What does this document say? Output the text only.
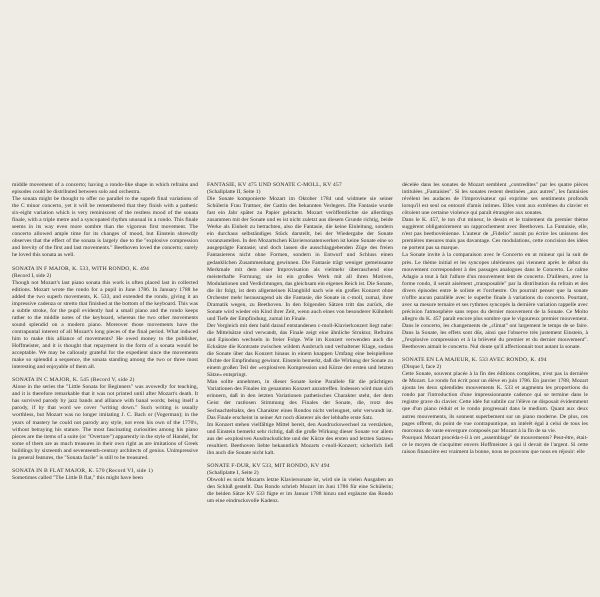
middle movement of a concerto; having a rondo-like shape in which refrains and episodes could be distributed between solo and orchestra.

The sonata might be thought to offer no parallel to the superb final variations of the C minor concerto, yet it will be remembered that they finish with a pathetic six-eight variation which is very reminiscent of the restless mood of the sonata finale, with a triple metre and a syncopated rhythm unusual in a rondo. This finale seems in its way even more sombre than the vigorous first movement. The concerto allowed ample time for its changes of mood, but Einstein shrewdly observes that the effect of the sonata is largely due to the "explosive compression and brevity of the first and last movements." Beethoven loved the concerto; surely he loved this sonata as well.

SONATA IN F MAJOR, K. 533, WITH RONDO, K. 494

(Record I, side 2)

Though not Mozart's last piano sonata this work is often placed last in collected editions. Mozart wrote the rondo for a pupil in June 1786. In January 1788 he added the two superb movements, K. 533, and extended the rondo, giving it an impressive cadenza or stretto that finished at the bottom of the keyboard. This was a subtle stroke, for the pupil evidently had a small piano and the rondo keeps rather to the middle notes of the keyboard, whereas the two other movements sound splendid on a modern piano. Moreover those movements have the contrapuntal interest of all Mozart's long pieces of the final period. What induced him to make this alliance of movements? He owed money to the publisher, Hoffmeister, and it is thought that repayment in the form of a sonata would be acceptable. We may be callously grateful for the expedient since the movements make so splendid a sequence, the sonata standing among the two or three most interesting and enjoyable of them all.

SONATA IN C MAJOR, K. 545 (Record V, side 2)

Alone in the series the "Little Sonata for Beginners" was avowedly for teaching, and it is therefore remarkable that it was not printed until after Mozart's death. It has survived parody by jazz bands and alliance with banal words; being itself a parody, if by that word we cover "writing down." Such writing is usually worthless, but Mozart was no longer imitating J. C. Bach or (Vogerman); in the years of mastery he could not parody any style, not even his own of the 1770's, without betraying his stature. The most fascinating curiosities among his piano pieces are the items of a suite (or "Overture") apparently in the style of Handel, for some of them are as much treasures in their own right as are imitations of Greek buildings by sixteenth and seventeenth-century architects of genius. Unimpressive in general features, the "Sonata facile" is still to be treasured.

SONATA IN B FLAT MAJOR, K. 570 (Record VI, side 1)

Sometimes called "The Little B flat," this might have been

FANTASIE, KV 475 UND SONATE C-MOLL, KV 457

(Schallplatte II, Seite 1)

Die Sonate komponierte Mozart im Oktober 1784 und widmete sie seiner Schülerin Frau Trattner, der Gattin des bekannten Verlegers. Die Fantasie wurde fast ein Jahr später zu Papier gebracht. Mozart veröffentlichte sie allerdings zusammen mit der Sonate und es ist nicht zuletzt aus diesem Grunde richtig, beide Werke als Einheit zu betrachten, also die Fantasie, die keine Einleitung, sondern ein durchaus selbständiges Stück darstellt, bei der Wiedergabe der Sonate voranzustellen. In den Mozartschen Klaviersonatenwerken ist keine Sonate eine so ausgeprägte Fantasie; und doch lassen die ausschlaggebenden Züge des freien Fantasierens nicht ohne Formen, sondern in Entwurf und Schluss einen gedanklichen Zusammenhang gewinnen. Die Fantasie trägt weniger gemeinsame Merkmale mit dem einer Improvisation als vielmehr überraschend eine meisterhafte Formung; sie ist ein großes Werk mit all ihren Motiven, Modulationen und Verdichtungen, das gleichsam ein eigenes Reich ist. Die Sonate, die ihr folgt, ist dem allgemeinen Klangbild nach wie ein großes Konzert ohne Orchester mehr herausragend als die Fantasie, die Sonate in c-moll, zumal, ihrer Dramatik wegen, zu Beethoven. In den folgenden Sätzen tritt das zurück, die Sonate wird wieder ein Kind ihrer Zeit, wenn auch eines von besonderer Kühnheit und Tiefe der Empfindung, zumal im Finale.

Der Vergleich mit dem bald darauf entstandenen c-moll-Klavierkonzert liegt nahe: die Mittelsätze sind verwandt, das Finale zeigt eine ähnliche Struktur, Refrains und Episoden wechseln in freier Folge. Wie im Konzert verwenden auch die Ecksätze die Kontraste zwischen wildem Ausbruch und verhaltener Klage, sodass die Sonate über das Konzert hinaus in einem knappen Umfang eine beispiellose Dichte der Empfindung gewinnt. Einstein bemerkt, daß die Wirkung der Sonate zu einem großen Teil der »explosiven Kompression und Kürze der ersten und letzten Sätze« entspringt.

Man sollte annehmen, in dieser Sonate keine Parallele für die prächtigen Variationen des Finales im genannten Konzert anzutreffen. Indessen wird man sich erinnern, daß in den letzten Variationen pathetisches Charakter steht, der dem Geist der rastlosen Stimmung des Finales der Sonate, die, trotz des Sechsachteltakts, den Charakter eines Rondos nicht verleugnet, sehr verwandt ist. Das Finale erscheint in seiner Art noch düsterer als der lebhafte erste Satz.

Im Konzert stehen vielfältige Mittel bereit, den Ausdruckswechsel zu verstärken, und Einstein bemerkt sehr richtig, daß die große Wirkung dieser Sonate vor allem aus der »explosiven Ausdrucksdichte und der Kürze des ersten und letzten Satzes« resultiert. Beethoven liebte bekanntlich Mozarts c-moll-Konzert; sicherlich ließ ihn auch die Sonate nicht kalt.

SONATE F-DUR, KV 533, MIT RONDO, KV 494

(Schallplatte I, Seite 2)

Obwohl es nicht Mozarts letzte Klaviersonate ist, wird sie in vielen Ausgaben an den Schluß gestellt. Das Rondo schrieb Mozart im Juni 1786 für eine Schülerin; die beiden Sätze KV 533 fügte er im Januar 1788 hinzu und ergänzte das Rondo um eine eindrucksvolle Kadenz.

décelée dans les sonates de Mozart semblent „contredites" par les quatre pièces intitulées „Fantaisies". Si les sonates restent destinées „aux autres", les fantaisies révèlent les audaces de l'improvisateur qui exprime ses sentiments profonds lorsqu'il est seul ou entouré d'amis intimes. Elles vont aux extrêmes du clavier et côtoient une certaine violence qui paraît étrangère aux sonates.

Dans le K. 457, le ton d'ut mineur, le dessin et le traitement du premier thème suggèrent obligatoirement un rapprochement avec Beethoven. La Fantaisie, elle, n'est pas beethovénienne. L'auteur de „Fidelio" aurait pu écrire les unissons des premières mesures mais pas davantage. Ces modulations, cette concision des idées ne portent pas sa marque.

La Sonate invite à la comparaison avec le Concerto en ut mineur qui la suit de près. Le thème initial et les syncopes ultérieures qui viennent après le début du mouvement correspondent à des passages analogues dans le Concerto. Le calme Adagio a tout à fait l'allure d'un mouvement lent de concerto. D'ailleurs, avec la forme rondo, il serait aisément „transposable" par la distribution du refrain et des divers épisodes entre le soliste et l'orchestre. On pourrait penser que la sonate n'offre aucun parallèle avec le superbe finale à variations du concerto. Pourtant, avec sa mesure ternaire et ses rythmes syncopés la dernière variation rappelle avec précision l'atmosphère sans repos du dernier mouvement de la Sonate. Ce Molto allegro du K. 457 paraît encore plus sombre que le vigoureux premier mouvement. Dans le concerto, les changements de „climat" ont largement le temps de se faire. Dans la Sonate, les effets sont dûs, ainsi que l'observe très justement Einstein, à „l'explosive compression et à la brièveté du premier et du dernier mouvement". Beethoven aimait le concerto. Nul doute qu'il affectionnait tout autant la sonate.

SONATE EN LA MAJEUR, K. 533 AVEC RONDO, K. 494

(Disque I, face 2)

Cette Sonate, souvent placée à la fin des éditions complètes, n'est pas la dernière de Mozart. Le rondo fut écrit pour un élève en juin 1786. En janvier 1788, Mozart ajouta les deux splendides mouvements K. 533 et augmenta les proportions du rondo par l'introduction d'une impressionnante cadence qui se termine dans le registre grave du clavier. Cette idée fut subtile car l'élève ne disposait évidemment que d'un piano réduit et le rondo progressait dans le medium. Quant aux deux autres mouvements, ils sonnent superbement sur un piano moderne. De plus, ces pages offrent, du point de vue contrapuntique, un intérêt égal à celui de tous les morceaux de vaste envergure composés par Mozart à la fin de sa vie.

Pourquoi Mozart procéda-t-il à cet „assemblage" de mouvements? Peut-être, était-ce le moyen de s'acquitter envers Hoffmeister à qui il devait de l'argent. Si cette raison financière est vraiment la bonne, nous ne pouvons que nous en réjouir: elle
